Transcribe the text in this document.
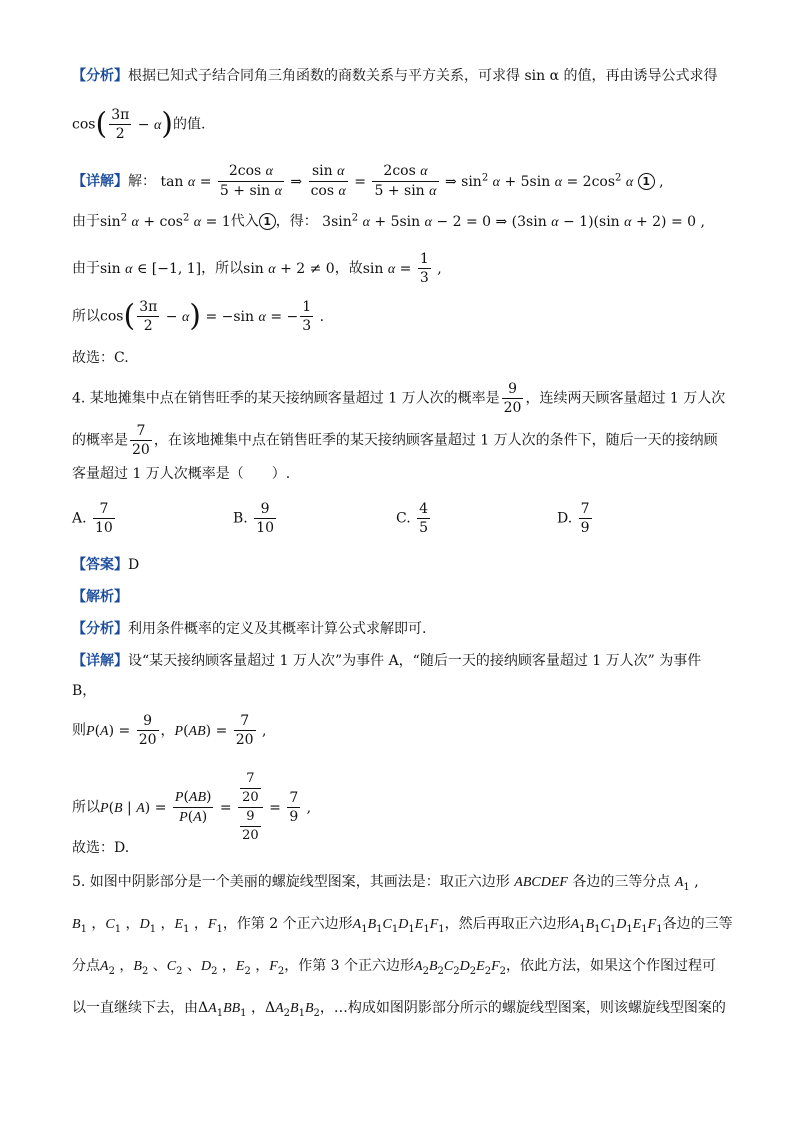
【分析】根据已知式子结合同角三角函数的商数关系与平方关系，可求得 sin α 的值，再由诱导公式求得
$\cos( \frac{3\pi}{2} - \alpha)$的值.
【详解】解： $\tan \alpha = \frac{\text{2cos α}}{\text{5 + sin α}}$ ⇒ $\frac{\text{sin α}}{\text{cos α}} = \frac{\text{2cos α}}{\text{5 + sin α}}$ ⇒ $\sin^2 \alpha + 5\sin$ $\alpha = 2\cos^2$ α 1 ,
由于$\sin^2 \alpha + \cos^2 \alpha = 1$代入 1 ，得： $3\sin^2$ α + 5sin α − 2 = 0 ⇒ (3sin α − 1)(sin α + 2) = 0 ,
由于sin α ∈ [−1, 1]，所以sin α + 2 ≠ 0，故$\sin \alpha = \frac{1}{3}$ ,
所以$\cos( \frac{3\pi}{2} - \alpha) = -\sin$ α = − $\frac{1}{3}$ .
故选：C.
4. 某地摊集中点在销售旺季的某天接纳顾客量超过 1 万人次的概率是 $\frac{9}{20}$ ，连续两天顾客量超过 1 万人次
的概率是 $\frac{7}{20}$ ，在该地摊集中点在销售旺季的某天接纳顾客量超过 1 万人次的条件下，随后一天的接纳顾
客量超过 1 万人次概率是（　　）.
A. $\frac{7}{10}$	B. $\frac{9}{10}$	C. $\frac{4}{5}$	D. $\frac{7}{9}$
【答案】D
【解析】
【分析】利用条件概率的定义及其概率计算公式求解即可.
【详解】设“某天接纳顾客量超过 1 万人次”为事件 A，“随后一天的接纳顾客量超过 1 万人次” 为事件
B，
则$P(A) = \frac{9}{20}$ ，$P(AB) = \frac{7}{20}$ ,
所以P(B | $A) = \frac{P(AB)}{P(A)} = \frac{\frac{7}{20}}{\frac{9}{20}} = \frac{7}{9}$ ,
故选：D.
5. 如图中阴影部分是一个美丽的螺旋线型图案，其画法是：取正六边形 ABCDEF 各边的三等分点 $A_1$ ,
$B_1$ ，$C_1$ ，$D_1$ ，$E_1$ ，$F_1$，作第 2 个正六边形$A_1B_1C_1D_1E_1F_1$，然后再取正六边形$A_1B_1C_1D_1E_1F_1$各边的三等
分点$A_2$ ，$B_2$ 、$C_2$ 、$D_2$ ，$E_2$ ，$F_2$，作第 3 个正六边形$A_2B_2C_2D_2E_2F_2$，依此方法，如果这个作图过程可
以一直继续下去，由$\Delta A_1BB_1$ ，$\Delta A_2B_1B_2$，…构成如图阴影部分所示的螺旋线型图案，则该螺旋线型图案的
